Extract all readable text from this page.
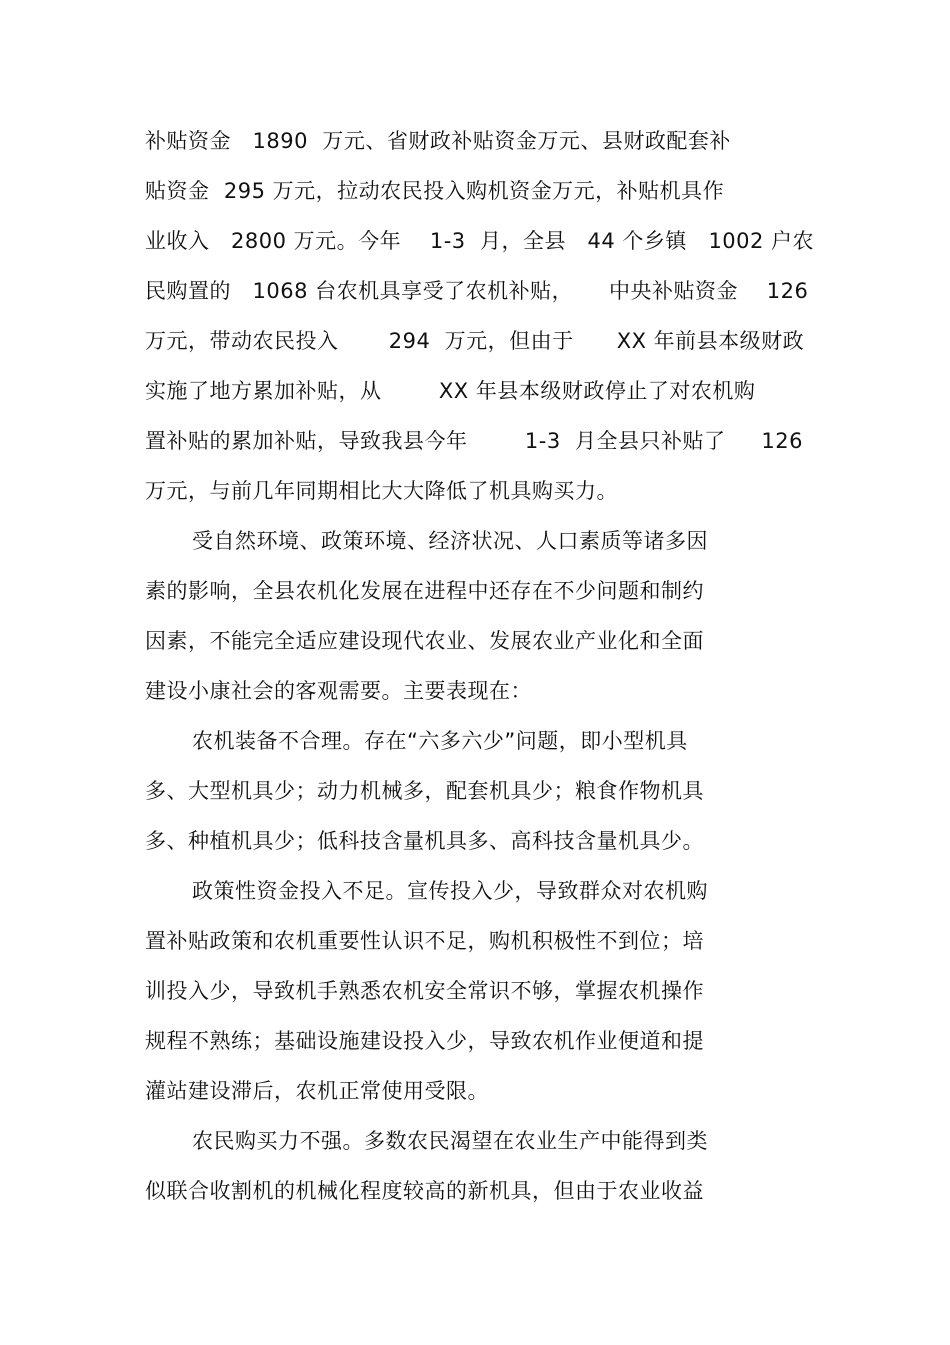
补贴资金   1890  万元、省财政补贴资金万元、县财政配套补
贴资金  295 万元，拉动农民投入购机资金万元，补贴机具作
业收入   2800 万元。今年    1-3  月，全县   44 个乡镇   1002 户农
民购置的   1068 台农机具享受了农机补贴，     中央补贴资金    126
万元，带动农民投入       294  万元，但由于      XX 年前县本级财政
实施了地方累加补贴，从        XX 年县本级财政停止了对农机购
置补贴的累加补贴，导致我县今年        1-3  月全县只补贴了     126
万元，与前几年同期相比大大降低了机具购买力。
受自然环境、政策环境、经济状况、人口素质等诸多因
素的影响，全县农机化发展在进程中还存在不少问题和制约
因素，不能完全适应建设现代农业、发展农业产业化和全面
建设小康社会的客观需要。主要表现在：
农机装备不合理。存在“六多六少”问题，即小型机具
多、大型机具少；动力机械多，配套机具少；粮食作物机具
多、种植机具少；低科技含量机具多、高科技含量机具少。
政策性资金投入不足。宣传投入少，导致群众对农机购
置补贴政策和农机重要性认识不足，购机积极性不到位；培
训投入少，导致机手熟悉农机安全常识不够，掌握农机操作
规程不熟练；基础设施建设投入少，导致农机作业便道和提
灌站建设滞后，农机正常使用受限。
农民购买力不强。多数农民渴望在农业生产中能得到类
似联合收割机的机械化程度较高的新机具，但由于农业收益
